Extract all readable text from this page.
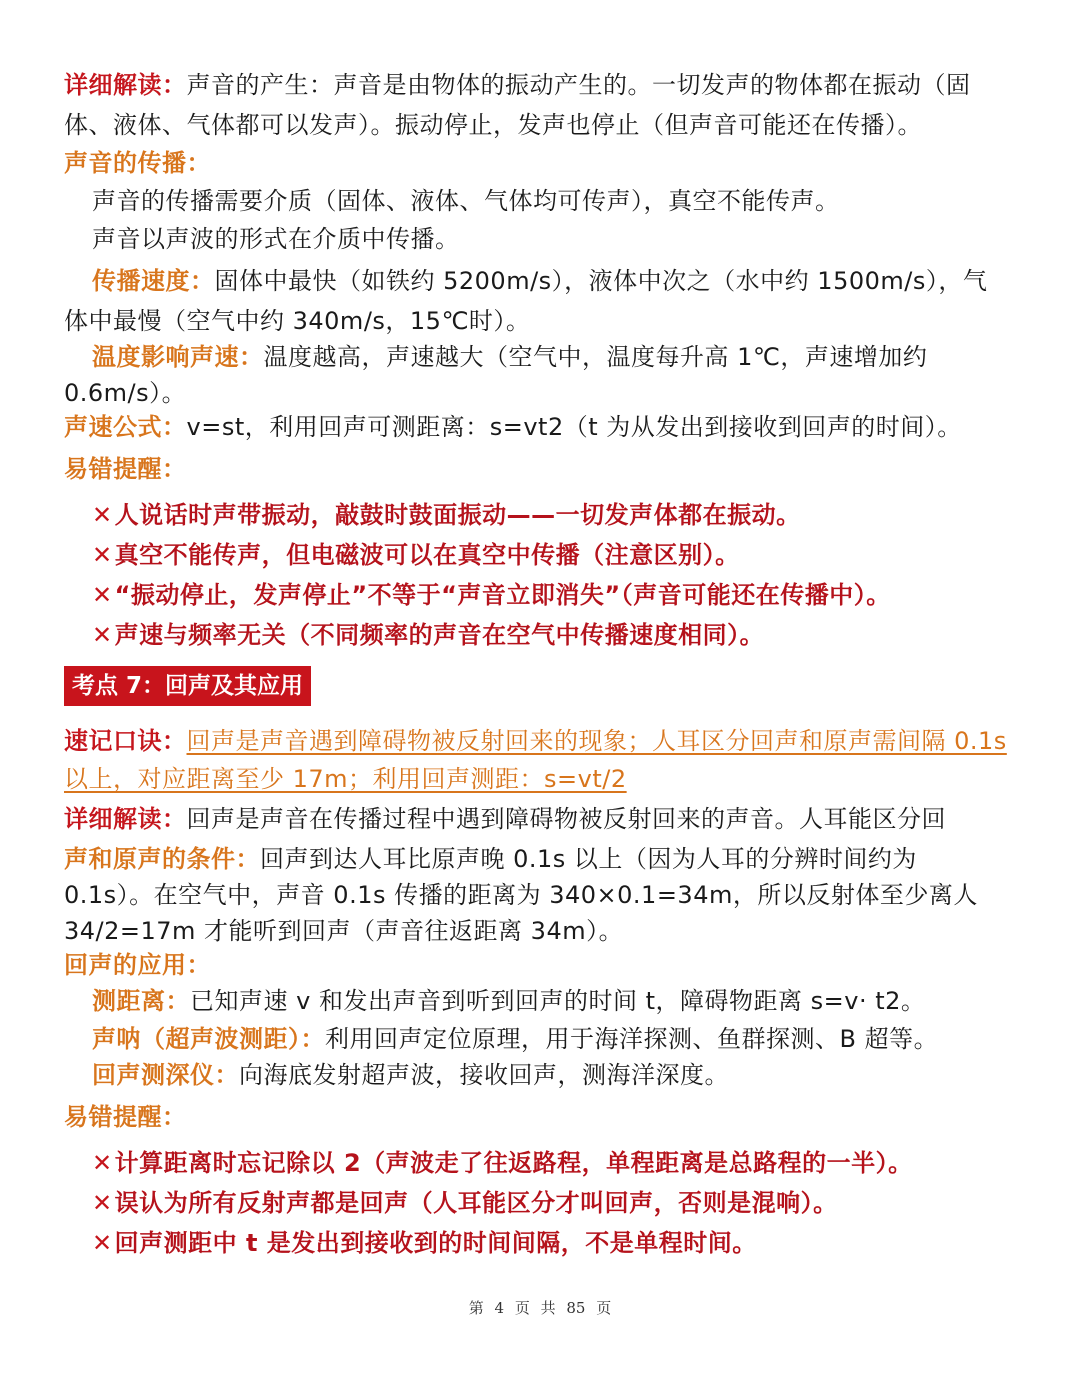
详细解读：声音的产生：声音是由物体的振动产生的。一切发声的物体都在振动（固
体、液体、气体都可以发声）。振动停止，发声也停止（但声音可能还在传播）。
声音的传播：
声音的传播需要介质（固体、液体、气体均可传声），真空不能传声。
声音以声波的形式在介质中传播。
传播速度：固体中最快（如铁约 5200m/s），液体中次之（水中约 1500m/s），气
体中最慢（空气中约 340m/s，15℃时）。
温度影响声速：温度越高，声速越大（空气中，温度每升高 1℃，声速增加约
0.6m/s）。
声速公式：v=st，利用回声可测距离：s=vt2（t 为从发出到接收到回声的时间）。
易错提醒：
✕人说话时声带振动，敲鼓时鼓面振动——一切发声体都在振动。
✕真空不能传声，但电磁波可以在真空中传播（注意区别）。
✕“振动停止，发声停止”不等于“声音立即消失”（声音可能还在传播中）。
✕声速与频率无关（不同频率的声音在空气中传播速度相同）。
考点 7：回声及其应用
速记口诀：回声是声音遇到障碍物被反射回来的现象；人耳区分回声和原声需间隔 0.1s
以上，对应距离至少 17m；利用回声测距：s=vt/2
详细解读：回声是声音在传播过程中遇到障碍物被反射回来的声音。人耳能区分回
声和原声的条件：回声到达人耳比原声晚 0.1s 以上（因为人耳的分辨时间约为
0.1s）。在空气中，声音 0.1s 传播的距离为 340×0.1=34m，所以反射体至少离人
34/2=17m 才能听到回声（声音往返距离 34m）。
回声的应用：
测距离：已知声速 v 和发出声音到听到回声的时间 t，障碍物距离 s=v· t2。
声呐（超声波测距）：利用回声定位原理，用于海洋探测、鱼群探测、B 超等。
回声测深仪：向海底发射超声波，接收回声，测海洋深度。
易错提醒：
✕计算距离时忘记除以 2（声波走了往返路程，单程距离是总路程的一半）。
✕误认为所有反射声都是回声（人耳能区分才叫回声，否则是混响）。
✕回声测距中 t 是发出到接收到的时间间隔，不是单程时间。
第 4 页 共 85 页
